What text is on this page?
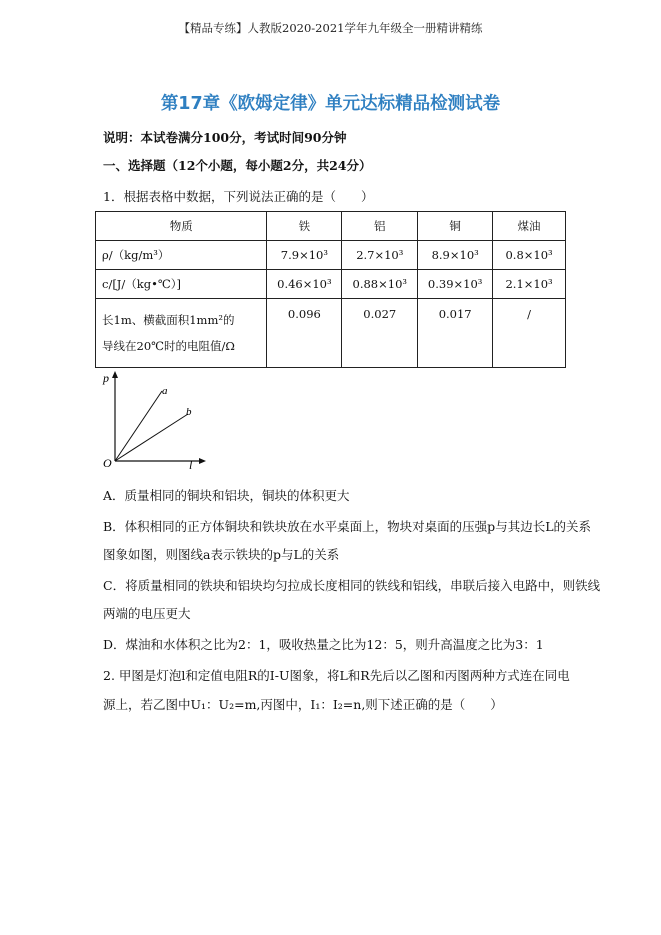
【精品专练】人教版2020-2021学年九年级全一册精讲精练
第17章《欧姆定律》单元达标精品检测试卷
说明：本试卷满分100分，考试时间90分钟
一、选择题（12个小题，每小题2分，共24分）
1．根据表格中数据，下列说法正确的是（　　）
物质	铁	铝	铜	煤油
ρ/（kg/m³）	7.9×10³	2.7×10³	8.9×10³	0.8×10³
c/[J/（kg•℃）]	0.46×10³	0.88×10³	0.39×10³	2.1×10³

长1m、横截面积1mm²的
导线在20℃时的电阻值/Ω	0.096	0.027	0.017	/
p
l
O
a
b
A．质量相同的铜块和铝块，铜块的体积更大
B．体积相同的正方体铜块和铁块放在水平桌面上，物块对桌面的压强p与其边长L的关系
图象如图，则图线a表示铁块的p与L的关系
C．将质量相同的铁块和铝块均匀拉成长度相同的铁线和铝线，串联后接入电路中，则铁线
两端的电压更大
D．煤油和水体积之比为2：1，吸收热量之比为12：5，则升高温度之比为3：1
2. 甲图是灯泡l和定值电阻R的I-U图象，将L和R先后以乙图和丙图两种方式连在同电
源上，若乙图中U₁：U₂=m,丙图中，I₁：I₂=n,则下述正确的是（　　）
